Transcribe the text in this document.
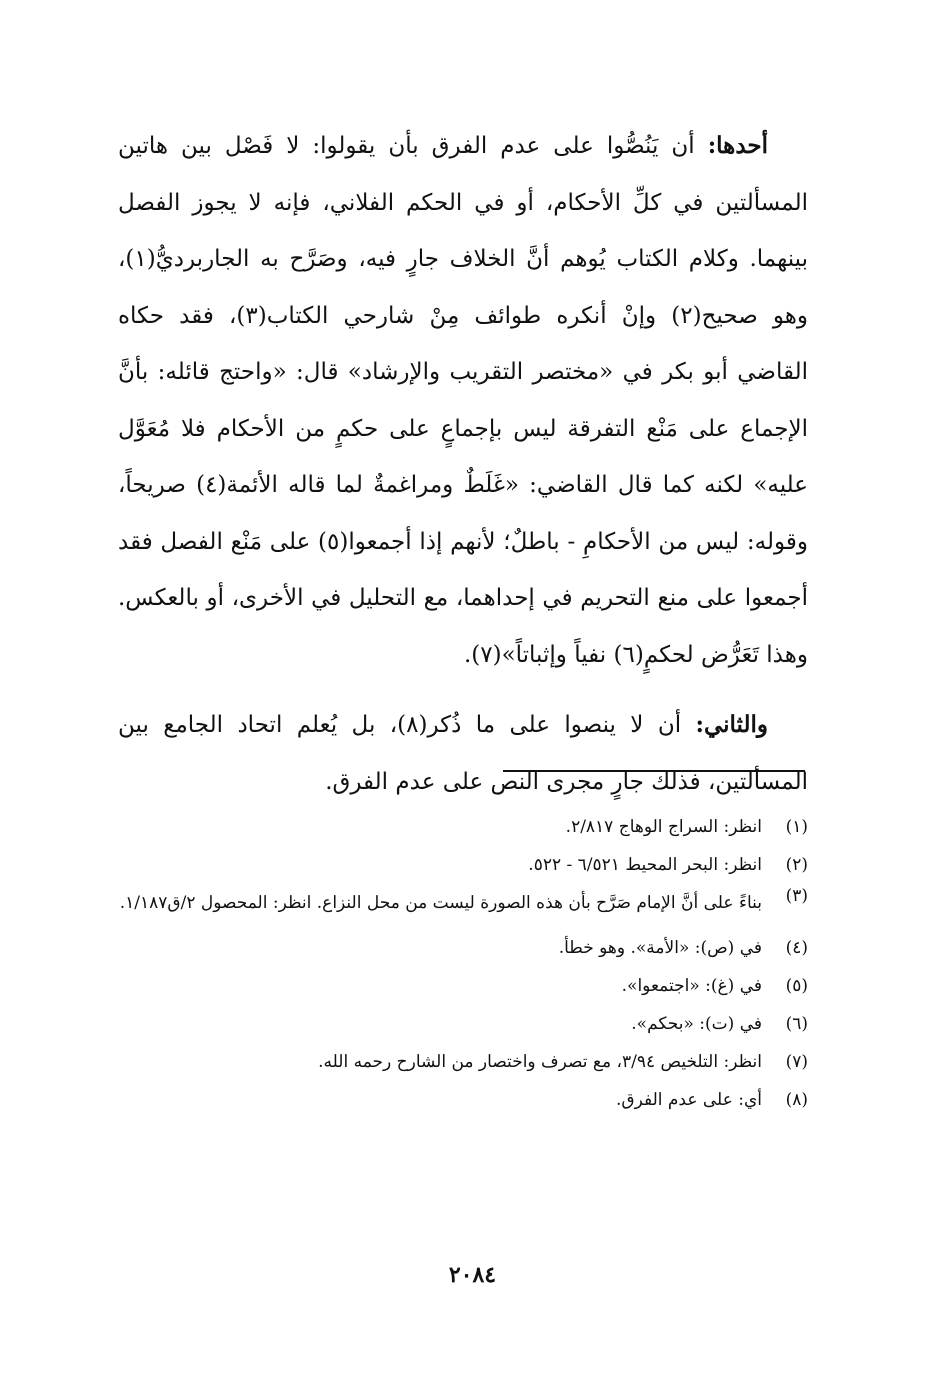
أحدها: أن يَنُصُّوا على عدم الفرق بأن يقولوا: لا فَصْل بين هاتين المسألتين في كلِّ الأحكام، أو في الحكم الفلاني، فإنه لا يجوز الفصل بينهما. وكلام الكتاب يُوهم أنَّ الخلاف جارٍ فيه، وصَرَّح به الجاربرديُّ(١)، وهو صحيح(٢) وإنْ أنكره طوائف مِنْ شارحي الكتاب(٣)، فقد حكاه القاضي أبو بكر في «مختصر التقريب والإرشاد» قال: «واحتج قائله: بأنَّ الإجماع على مَنْع التفرقة ليس بإجماعٍ على حكمٍ من الأحكام فلا مُعَوَّل عليه» لكنه كما قال القاضي: «غَلَطٌ ومراغمةٌ لما قاله الأئمة(٤) صريحاً، وقوله: ليس من الأحكامِ - باطلٌ؛ لأنهم إذا أجمعوا(٥) على مَنْع الفصل فقد أجمعوا على منع التحريم في إحداهما، مع التحليل في الأخرى، أو بالعكس. وهذا تَعَرُّض لحكمٍ(٦) نفياً وإثباتاً»(٧).

والثاني: أن لا ينصوا على ما ذُكر(٨)، بل يُعلم اتحاد الجامع بين المسألتين، فذلك جارٍ مجرى النص على عدم الفرق.

(١)
انظر: السراج الوهاج ٢/٨١٧.
(٢)
انظر: البحر المحيط ٦/٥٢١ - ٥٢٢.
(٣)
بناءً على أنَّ الإمام صَرَّح بأن هذه الصورة ليست من محل النزاع. انظر: المحصول ٢/ق١/١٨٧.
(٤)
في (ص): «الأمة». وهو خطأ.
(٥)
في (غ): «اجتمعوا».
(٦)
في (ت): «بحكم».
(٧)
انظر: التلخيص ٣/٩٤، مع تصرف واختصار من الشارح رحمه الله.
(٨)
أي: على عدم الفرق.
٢٠٨٤
